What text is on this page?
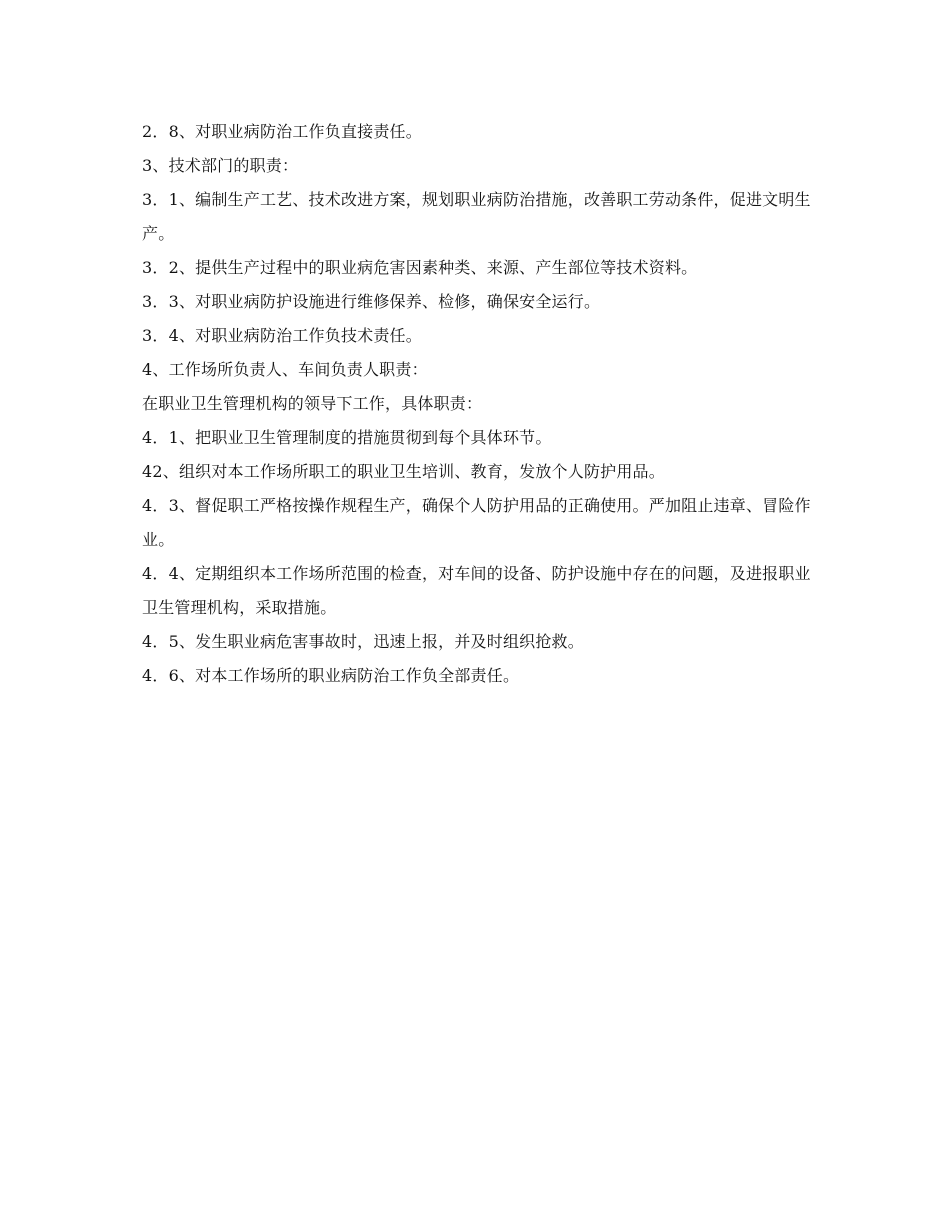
2．8、对职业病防治工作负直接责任。

3、技术部门的职责：

3．1、编制生产工艺、技术改进方案，规划职业病防治措施，改善职工劳动条件，促进文明生产。

3．2、提供生产过程中的职业病危害因素种类、来源、产生部位等技术资料。

3．3、对职业病防护设施进行维修保养、检修，确保安全运行。

3．4、对职业病防治工作负技术责任。

4、工作场所负责人、车间负责人职责：

在职业卫生管理机构的领导下工作，具体职责：

4．1、把职业卫生管理制度的措施贯彻到每个具体环节。

42、组织对本工作场所职工的职业卫生培训、教育，发放个人防护用品。

4．3、督促职工严格按操作规程生产，确保个人防护用品的正确使用。严加阻止违章、冒险作业。

4．4、定期组织本工作场所范围的检查，对车间的设备、防护设施中存在的问题，及进报职业卫生管理机构，采取措施。

4．5、发生职业病危害事故时，迅速上报，并及时组织抢救。

4．6、对本工作场所的职业病防治工作负全部责任。
